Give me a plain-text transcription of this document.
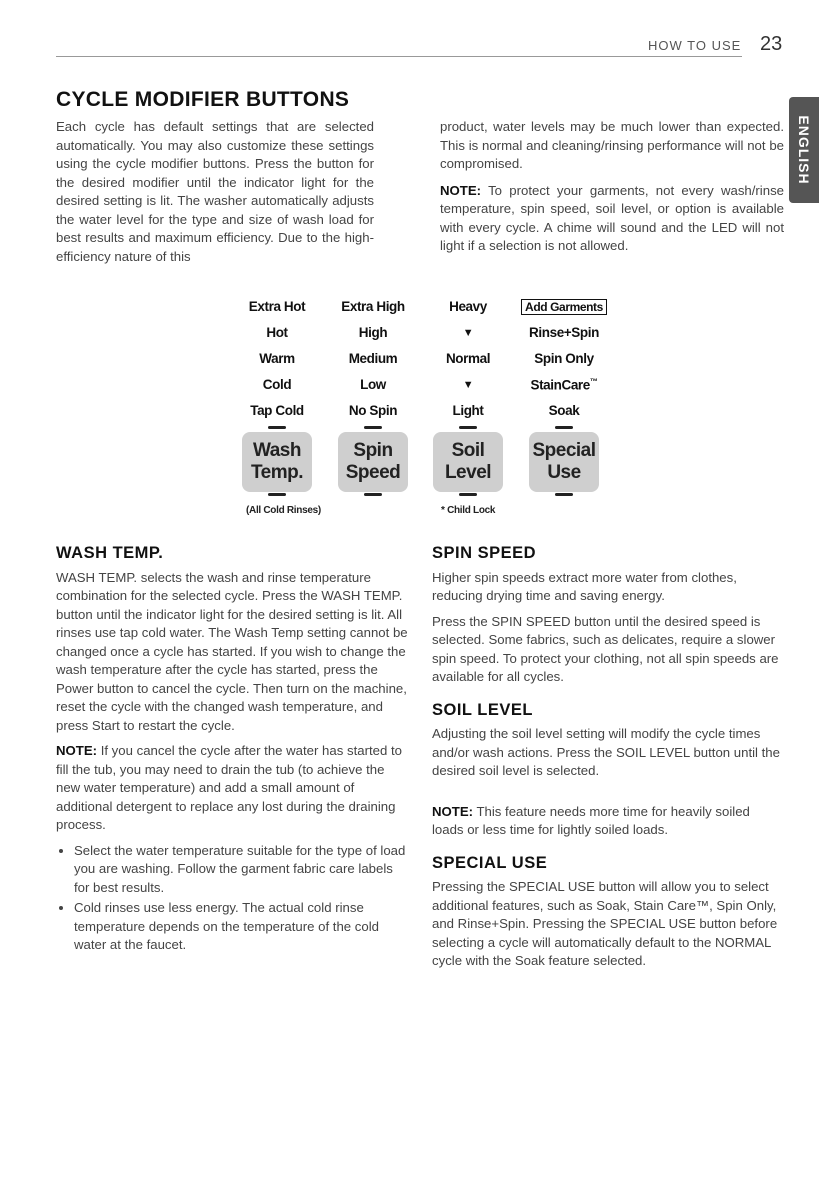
HOW TO USE 23
ENGLISH
CYCLE MODIFIER BUTTONS

Each cycle has default settings that are selected automatically. You may also customize these settings using the cycle modifier buttons. Press the button for the desired modifier until the indicator light for the desired setting is lit. The washer automatically adjusts the water level for the type and size of wash load for best results and maximum efficiency. Due to the high-efficiency nature of this

product, water levels may be much lower than expected. This is normal and cleaning/rinsing performance will not be compromised.

NOTE: To protect your garments, not every wash/rinse temperature, spin speed, soil level, or option is available with every cycle. A chime will sound and the LED will not light if a selection is not allowed.

Extra Hot
Hot
Warm
Cold
Tap Cold
Wash
Temp.
(All Cold Rinses)
Extra High
High
Medium
Low
No Spin
Spin
Speed
Heavy
▼
Normal
▼
Light
Soil
Level
* Child Lock
Add Garments
Rinse+Spin
Spin Only
StainCare™
Soak
Special
Use
WASH TEMP.

WASH TEMP. selects the wash and rinse temperature combination for the selected cycle. Press the WASH TEMP. button until the indicator light for the desired setting is lit. All rinses use tap cold water. The Wash Temp setting cannot be changed once a cycle has started. If you wish to change the wash temperature after the cycle has started, press the Power button to cancel the cycle. Then turn on the machine, reset the cycle with the changed wash temperature, and press Start to restart the cycle.

NOTE: If you cancel the cycle after the water has started to fill the tub, you may need to drain the tub (to achieve the new water temperature) and add a small amount of additional detergent to replace any lost during the draining process.

• Select the water temperature suitable for the type of load you are washing. Follow the garment fabric care labels for best results.
• Cold rinses use less energy. The actual cold rinse temperature depends on the temperature of the cold water at the faucet.
SPIN SPEED

Higher spin speeds extract more water from clothes, reducing drying time and saving energy.

Press the SPIN SPEED button until the desired speed is selected. Some fabrics, such as delicates, require a slower spin speed. To protect your clothing, not all spin speeds are available for all cycles.

SOIL LEVEL

Adjusting the soil level setting will modify the cycle times and/or wash actions. Press the SOIL LEVEL button until the desired soil level is selected.

NOTE: This feature needs more time for heavily soiled loads or less time for lightly soiled loads.

SPECIAL USE

Pressing the SPECIAL USE button will allow you to select additional features, such as Soak, Stain Care™, Spin Only, and Rinse+Spin. Pressing the SPECIAL USE button before selecting a cycle will automatically default to the NORMAL cycle with the Soak feature selected.
